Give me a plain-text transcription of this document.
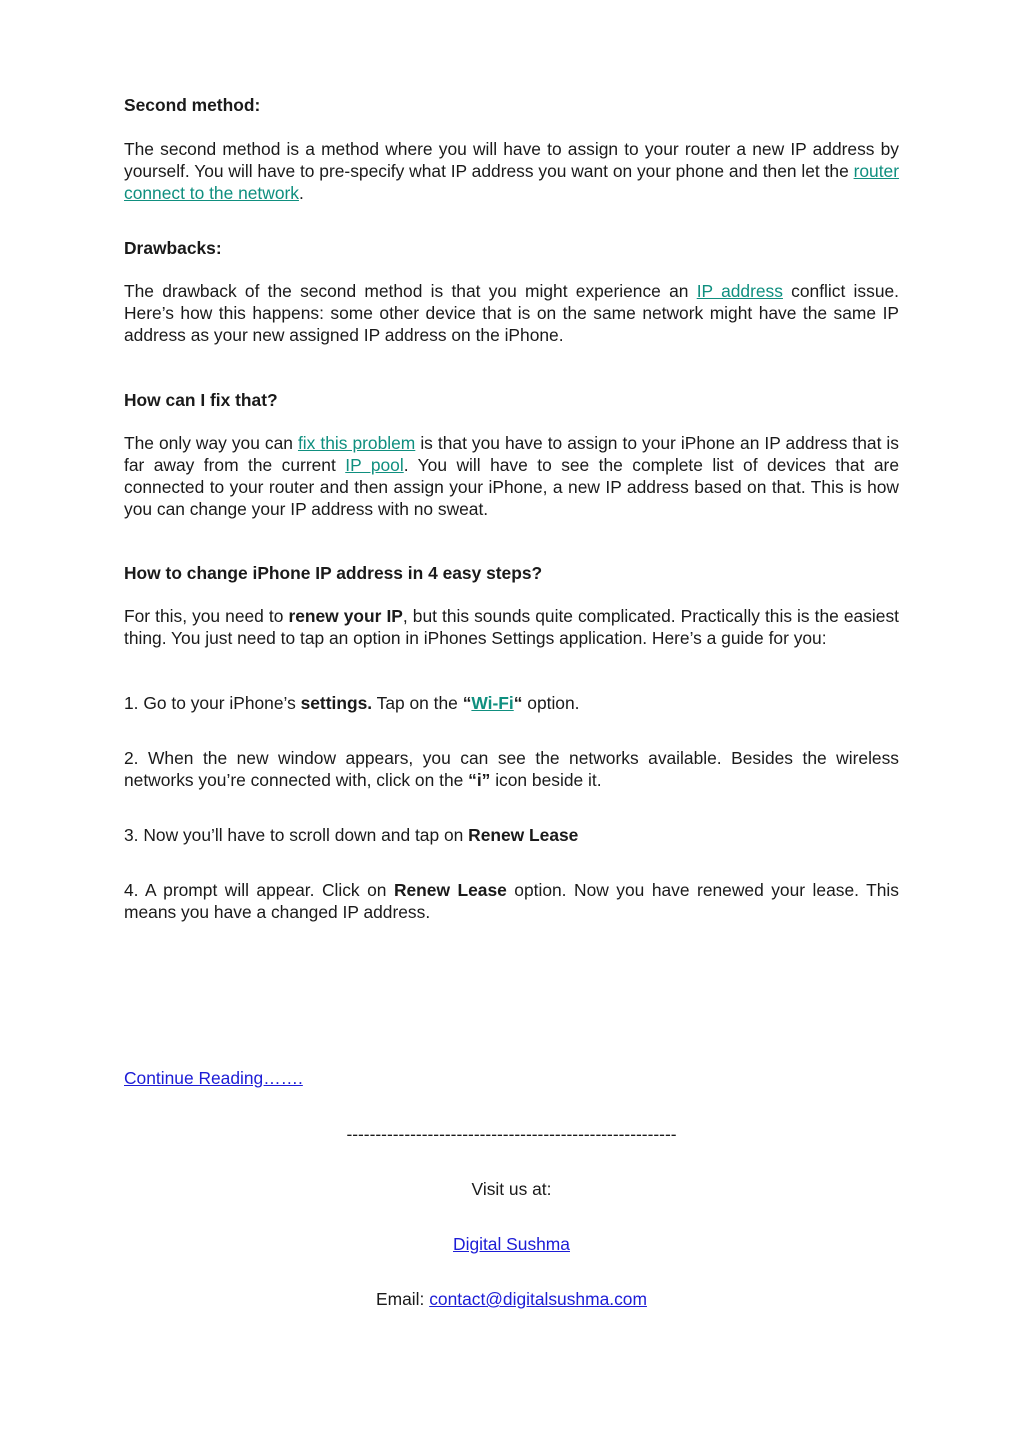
Second method:
The second method is a method where you will have to assign to your router a new IP address by yourself. You will have to pre-specify what IP address you want on your phone and then let the router connect to the network.
Drawbacks:
The drawback of the second method is that you might experience an IP address conflict issue. Here’s how this happens: some other device that is on the same network might have the same IP address as your new assigned IP address on the iPhone.
How can I fix that?
The only way you can fix this problem is that you have to assign to your iPhone an IP address that is far away from the current IP pool. You will have to see the complete list of devices that are connected to your router and then assign your iPhone, a new IP address based on that. This is how you can change your IP address with no sweat.
How to change iPhone IP address in 4 easy steps?
For this, you need to renew your IP, but this sounds quite complicated. Practically this is the easiest thing. You just need to tap an option in iPhones Settings application. Here’s a guide for you:
1. Go to your iPhone’s settings. Tap on the “Wi-Fi“ option.
2. When the new window appears, you can see the networks available. Besides the wireless networks you’re connected with, click on the “i” icon beside it.
3. Now you’ll have to scroll down and tap on Renew Lease
4. A prompt will appear. Click on Renew Lease option. Now you have renewed your lease. This means you have a changed IP address.
Continue Reading…….
---------------------------------------------------------
Visit us at:
Digital Sushma
Email: contact@digitalsushma.com
